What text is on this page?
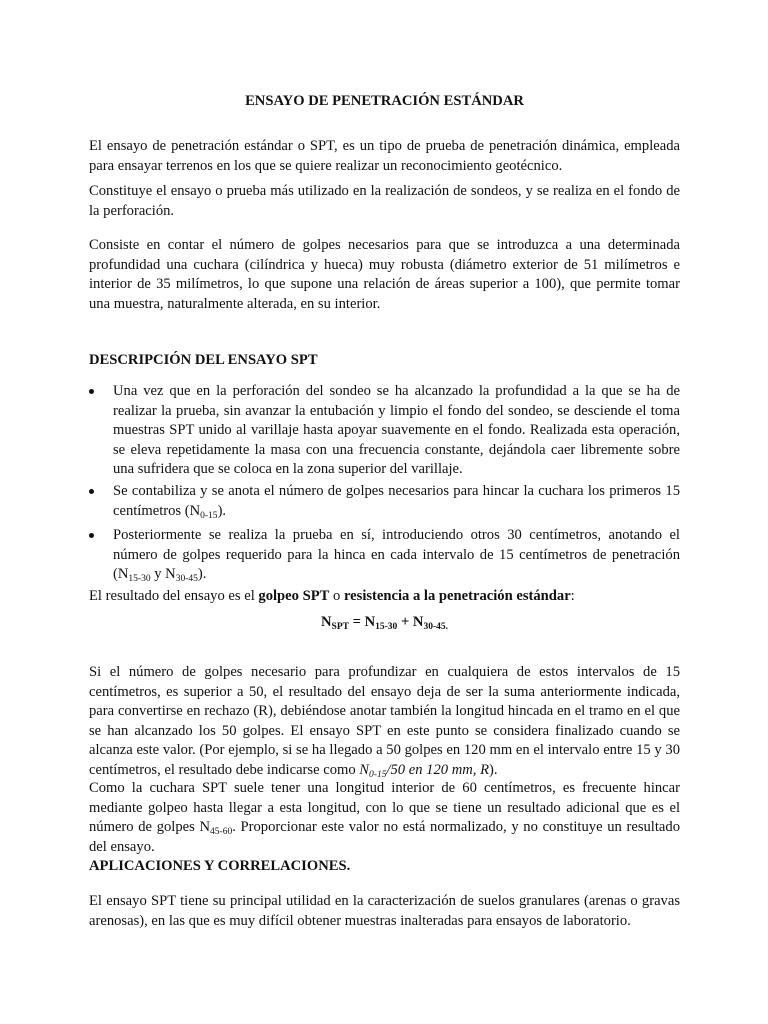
ENSAYO DE PENETRACIÓN ESTÁNDAR

El ensayo de penetración estándar o SPT, es un tipo de prueba de penetración dinámica, empleada para ensayar terrenos en los que se quiere realizar un reconocimiento geotécnico.

Constituye el ensayo o prueba más utilizado en la realización de sondeos, y se realiza en el fondo de la perforación.

Consiste en contar el número de golpes necesarios para que se introduzca a una determinada profundidad una cuchara (cilíndrica y hueca) muy robusta (diámetro exterior de 51 milímetros e interior de 35 milímetros, lo que supone una relación de áreas superior a 100), que permite tomar una muestra, naturalmente alterada, en su interior.

DESCRIPCIÓN DEL ENSAYO SPT
Una vez que en la perforación del sondeo se ha alcanzado la profundidad a la que se ha de realizar la prueba, sin avanzar la entubación y limpio el fondo del sondeo, se desciende el toma muestras SPT unido al varillaje hasta apoyar suavemente en el fondo. Realizada esta operación, se eleva repetidamente la masa con una frecuencia constante, dejándola caer libremente sobre una sufridera que se coloca en la zona superior del varillaje.
Se contabiliza y se anota el número de golpes necesarios para hincar la cuchara los primeros 15 centímetros $(N_{0-15})$.
Posteriormente se realiza la prueba en sí, introduciendo otros 30 centímetros, anotando el número de golpes requerido para la hinca en cada intervalo de 15 centímetros de penetración ($N_{15-30}$ y $N_{30-45}$).

El resultado del ensayo es el golpeo SPT o resistencia a la penetración estándar:

$N_{SPT} = N_{15-30} + N_{30-45.}$

Si el número de golpes necesario para profundizar en cualquiera de estos intervalos de 15 centímetros, es superior a 50, el resultado del ensayo deja de ser la suma anteriormente indicada, para convertirse en rechazo (R), debiéndose anotar también la longitud hincada en el tramo en el que se han alcanzado los 50 golpes. El ensayo SPT en este punto se considera finalizado cuando se alcanza este valor. (Por ejemplo, si se ha llegado a 50 golpes en 120 mm en el intervalo entre 15 y 30 centímetros, el resultado debe indicarse como $N_{0-15}/50$ en 120 mm, R).

Como la cuchara SPT suele tener una longitud interior de 60 centímetros, es frecuente hincar mediante golpeo hasta llegar a esta longitud, con lo que se tiene un resultado adicional que es el número de golpes $N_{45-60}$. Proporcionar este valor no está normalizado, y no constituye un resultado del ensayo.

APLICACIONES Y CORRELACIONES.

El ensayo SPT tiene su principal utilidad en la caracterización de suelos granulares (arenas o gravas arenosas), en las que es muy difícil obtener muestras inalteradas para ensayos de laboratorio.
